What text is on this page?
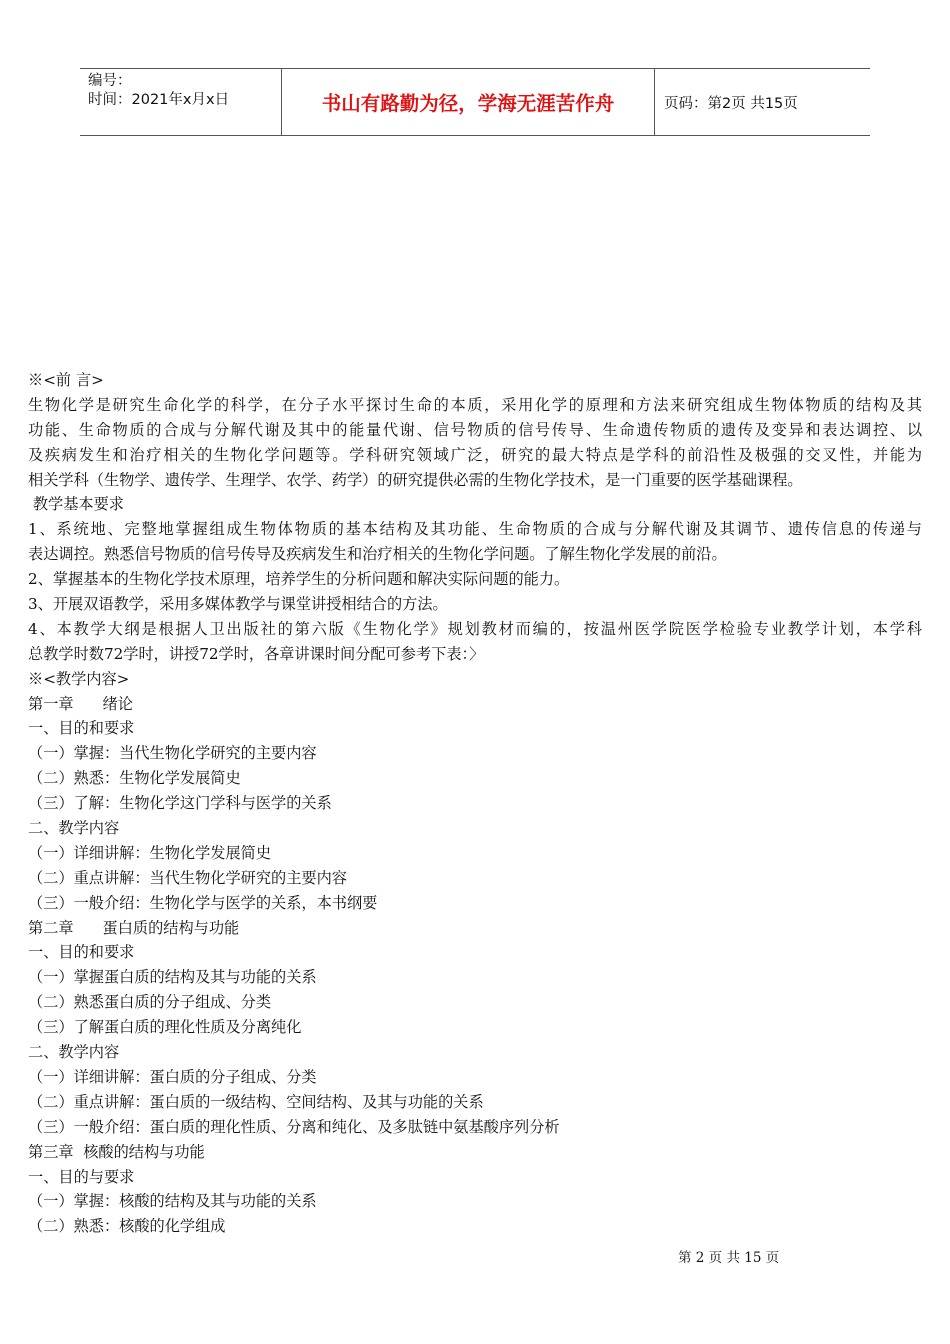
编号：
时间：2021年x月x日	书山有路勤为径，学海无涯苦作舟	页码：第2页 共15页
※<前 言>
生物化学是研究生命化学的科学，在分子水平探讨生命的本质，采用化学的原理和方法来研究组成生物体物质的结构及其
功能、生命物质的合成与分解代谢及其中的能量代谢、信号物质的信号传导、生命遗传物质的遗传及变异和表达调控、以
及疾病发生和治疗相关的生物化学问题等。学科研究领域广泛，研究的最大特点是学科的前沿性及极强的交叉性，并能为
相关学科（生物学、遗传学、生理学、农学、药学）的研究提供必需的生物化学技术，是一门重要的医学基础课程。
教学基本要求
1、系统地、完整地掌握组成生物体物质的基本结构及其功能、生命物质的合成与分解代谢及其调节、遗传信息的传递与
表达调控。熟悉信号物质的信号传导及疾病发生和治疗相关的生物化学问题。了解生物化学发展的前沿。
2、掌握基本的生物化学技术原理，培养学生的分析问题和解决实际问题的能力。
3、开展双语教学，采用多媒体教学与课堂讲授相结合的方法。
4、本教学大纲是根据人卫出版社的第六版《生物化学》规划教材而编的，按温州医学院医学检验专业教学计划，本学科
总教学时数72学时，讲授72学时，各章讲课时间分配可参考下表：〉
※<教学内容>
第一章      绪论
一、目的和要求
（一）掌握：当代生物化学研究的主要内容
（二）熟悉：生物化学发展简史
（三）了解：生物化学这门学科与医学的关系
二、教学内容
（一）详细讲解：生物化学发展简史
（二）重点讲解：当代生物化学研究的主要内容
（三）一般介绍：生物化学与医学的关系，本书纲要
第二章      蛋白质的结构与功能
一、目的和要求
（一）掌握蛋白质的结构及其与功能的关系
（二）熟悉蛋白质的分子组成、分类
（三）了解蛋白质的理化性质及分离纯化
二、教学内容
（一）详细讲解：蛋白质的分子组成、分类
（二）重点讲解：蛋白质的一级结构、空间结构、及其与功能的关系
（三）一般介绍：蛋白质的理化性质、分离和纯化、及多肽链中氨基酸序列分析
第三章  核酸的结构与功能
一、目的与要求
（一）掌握：核酸的结构及其与功能的关系
（二）熟悉：核酸的化学组成
第 2 页 共 15 页
